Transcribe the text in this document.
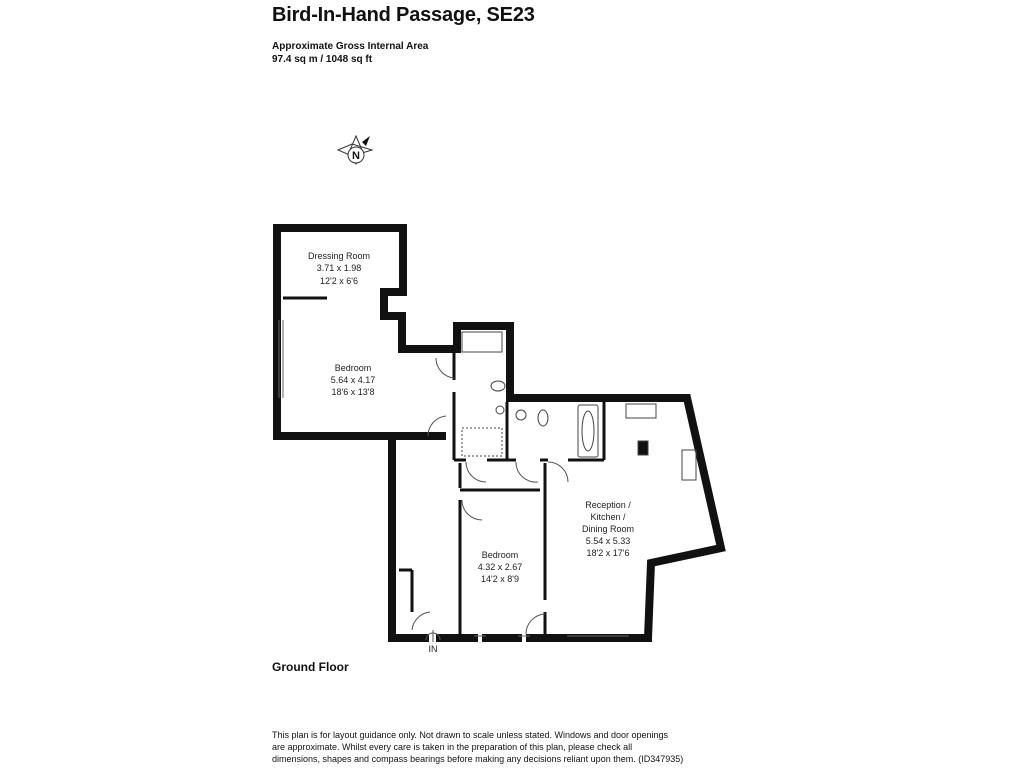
Bird-In-Hand Passage, SE23
Approximate Gross Internal Area
97.4 sq m / 1048 sq ft
N
Dressing Room
3.71 x 1.98
12'2 x 6'6
Bedroom
5.64 x 4.17
18'6 x 13'8
Bedroom
4.32 x 2.67
14'2 x 8'9
Reception /
Kitchen /
Dining Room
5.54 x 5.33
18'2 x 17'6
IN
Ground Floor
This plan is for layout guidance only. Not drawn to scale unless stated. Windows and door openings
are approximate. Whilst every care is taken in the preparation of this plan, please check all
dimensions, shapes and compass bearings before making any decisions reliant upon them. (ID347935)
